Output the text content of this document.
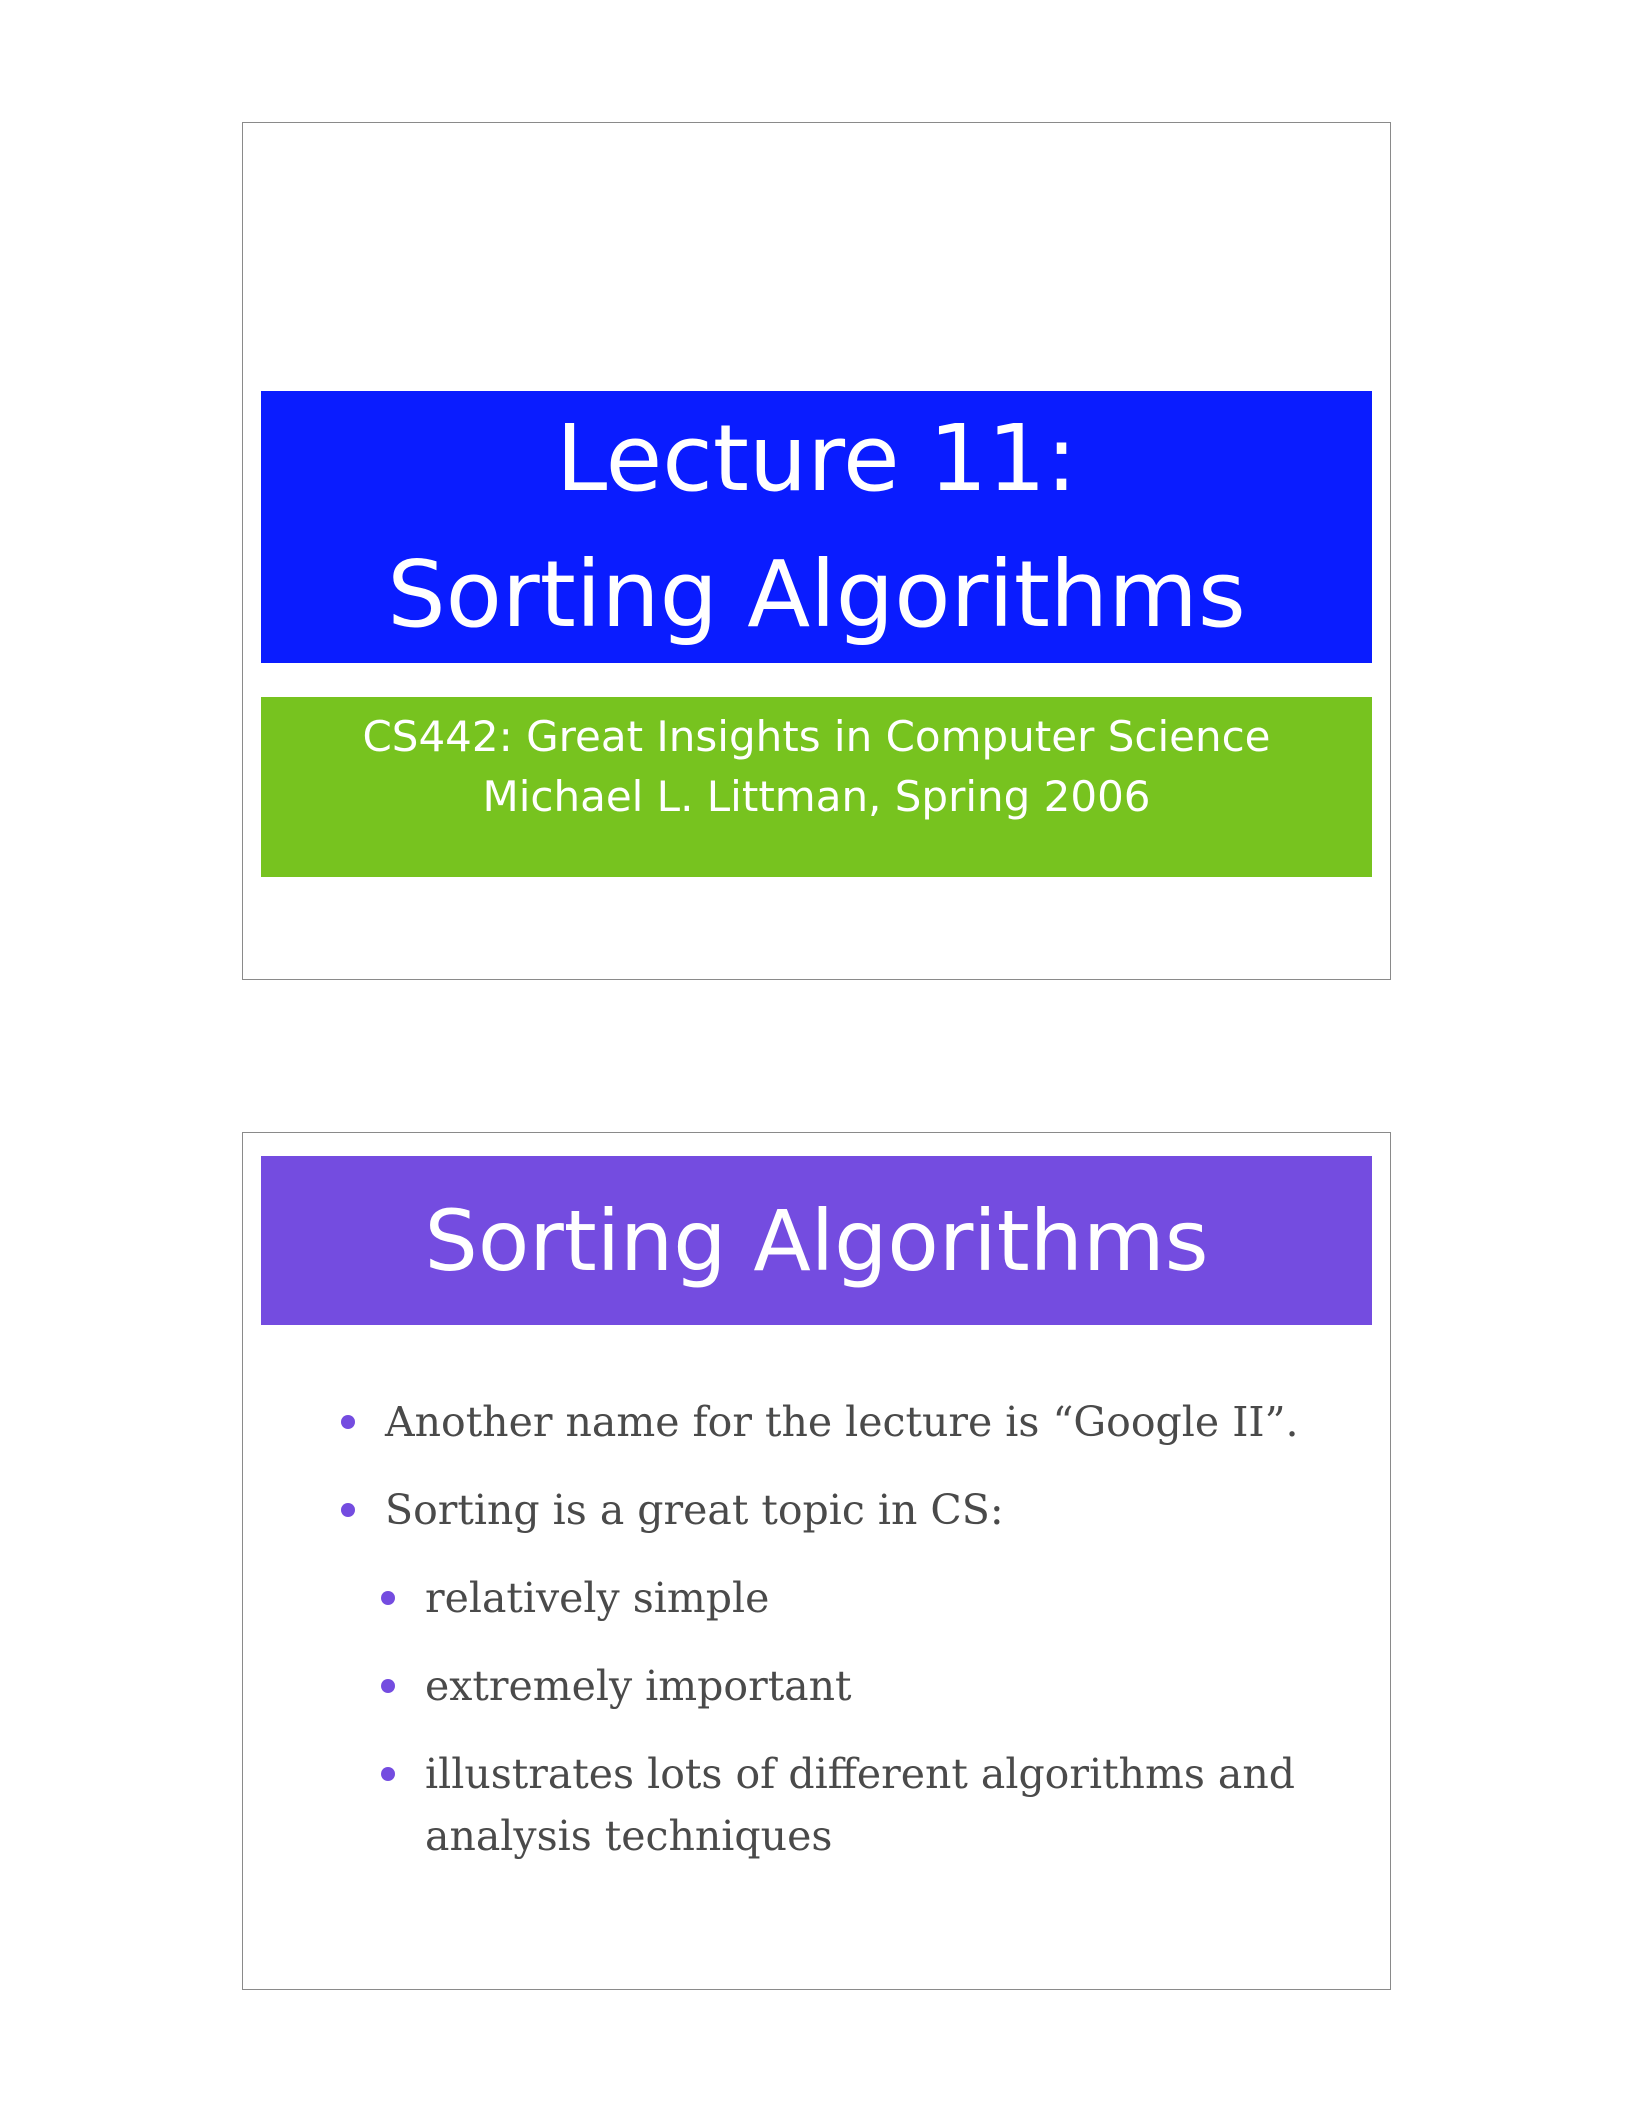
Lecture 11:
Sorting Algorithms
CS442: Great Insights in Computer Science
Michael L. Littman, Spring 2006
Sorting Algorithms
Another name for the lecture is “Google II”.
Sorting is a great topic in CS:
relatively simple
extremely important
illustrates lots of different algorithms and
analysis techniques
